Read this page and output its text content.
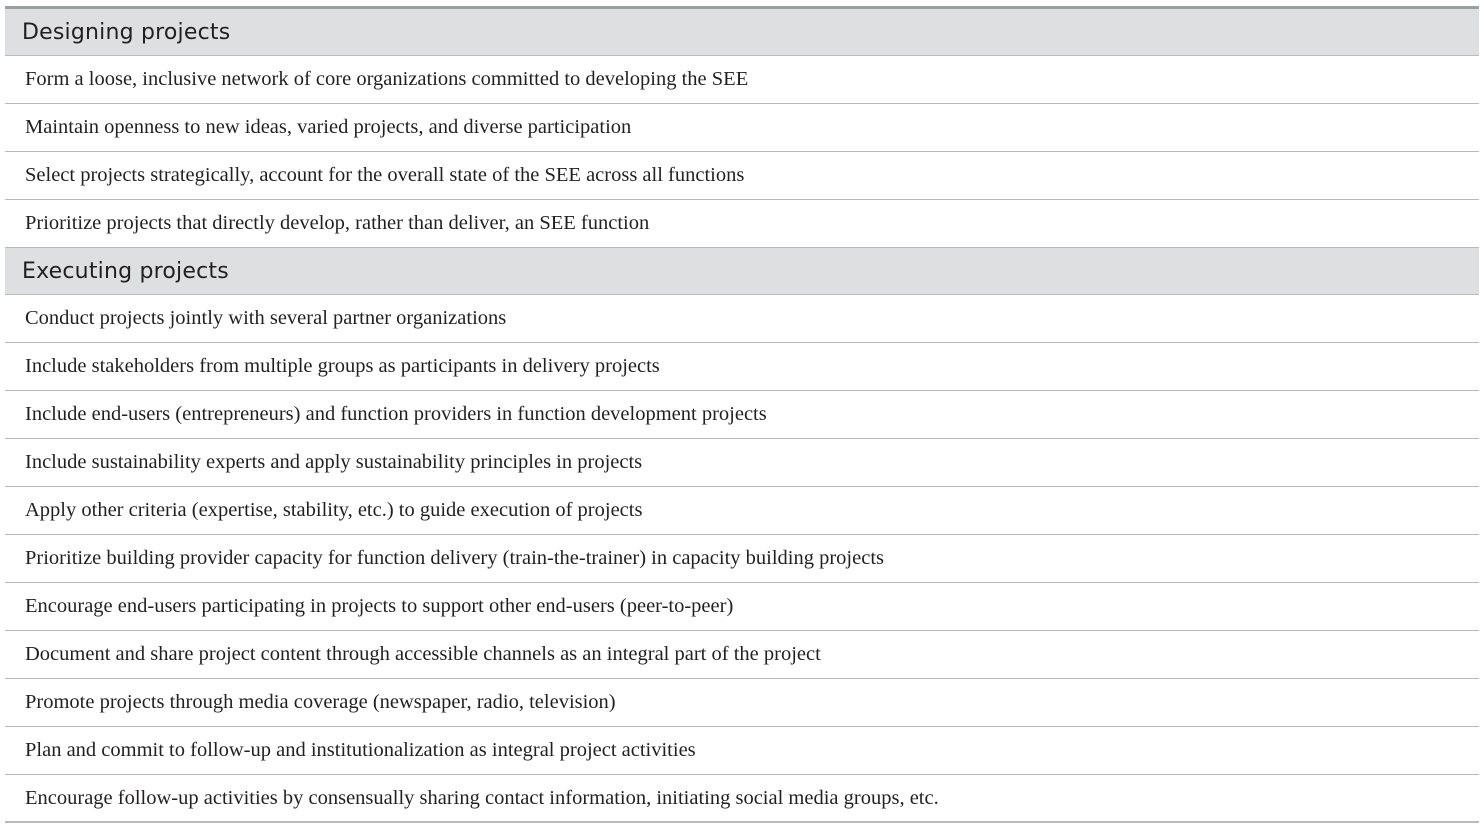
Designing projects
Form a loose, inclusive network of core organizations committed to developing the SEE
Maintain openness to new ideas, varied projects, and diverse participation
Select projects strategically, account for the overall state of the SEE across all functions
Prioritize projects that directly develop, rather than deliver, an SEE function
Executing projects
Conduct projects jointly with several partner organizations
Include stakeholders from multiple groups as participants in delivery projects
Include end-users (entrepreneurs) and function providers in function development projects
Include sustainability experts and apply sustainability principles in projects
Apply other criteria (expertise, stability, etc.) to guide execution of projects
Prioritize building provider capacity for function delivery (train-the-trainer) in capacity building projects
Encourage end-users participating in projects to support other end-users (peer-to-peer)
Document and share project content through accessible channels as an integral part of the project
Promote projects through media coverage (newspaper, radio, television)
Plan and commit to follow-up and institutionalization as integral project activities
Encourage follow-up activities by consensually sharing contact information, initiating social media groups, etc.
